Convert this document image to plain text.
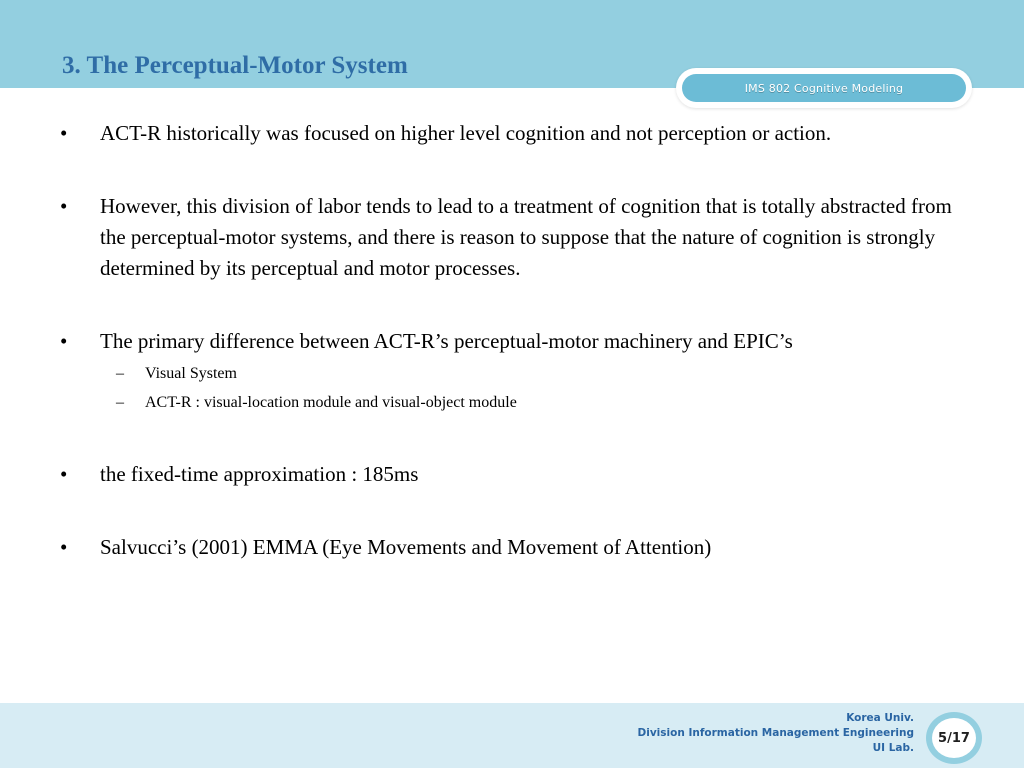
3. The Perceptual-Motor System
IMS 802 Cognitive Modeling
•	ACT-R historically was focused on higher level cognition and not perception or action.
•	However, this division of labor tends to lead to a treatment of cognition that is totally abstracted from the perceptual-motor systems, and there is reason to suppose that the nature of cognition is strongly determined by its perceptual and motor processes.
•	The primary difference between ACT-R’s perceptual-motor machinery and EPIC’s
– Visual System
– ACT-R : visual-location module and visual-object module
•	the fixed-time approximation : 185ms
•	Salvucci’s (2001) EMMA (Eye Movements and Movement of Attention)
Korea Univ.
Division Information Management Engineering
UI Lab.
5/17
